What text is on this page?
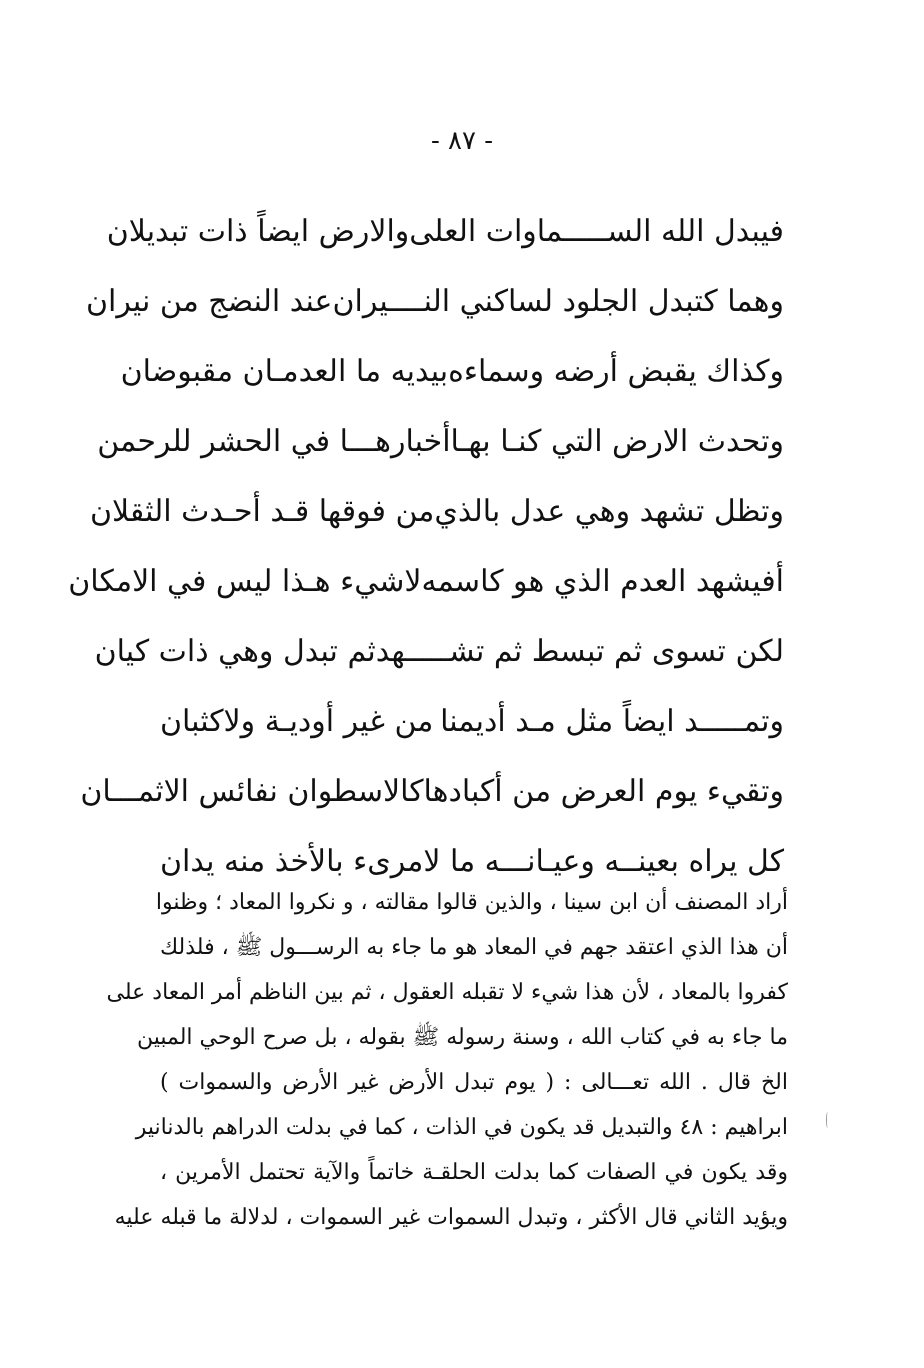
- ٨٧ -
فيبدل الله الســـــماوات العلى
والارض ايضاً ذات تبديلان
وهما كتبدل الجلود لساكني النــــيران
عند النضج من نيران
وكذاك يقبض أرضه وسماءه
بيديه ما العدمـان مقبوضان
وتحدث الارض التي كنـا بهـا
أخبارهـــا في الحشر للرحمن
وتظل تشهد وهي عدل بالذي
من فوقها قـد أحـدث الثقلان
أفيشهد العدم الذي هو كاسمه
لاشيء هـذا ليس في الامكان
لكن تسوى ثم تبسط ثم تشـــــهد
ثم تبدل وهي ذات كيان
وتمـــــد ايضاً مثل مـد أديمنا
من غير أوديـة ولاكثبان
وتقيء يوم العرض من أكبادها
كالاسطوان نفائس الاثمـــان
كل يراه بعينــه وعيـانـــه
ما لامرىء بالأخذ منه يدان
أراد المصنف أن ابن سينا ، والذين قالوا مقالته ، و نكروا المعاد ؛ وظنوا
أن هذا الذي اعتقد جهم في المعاد هو ما جاء به الرســـول ﷺ ، فلذلك
كفروا بالمعاد ، لأن هذا شيء لا تقبله العقول ، ثم بين الناظم أمر المعاد على
ما جاء به في كتاب الله ، وسنة رسوله ﷺ بقوله ، بل صرح الوحي المبين
الخ قال . الله تعـــالى : ( يوم تبدل الأرض غير الأرض والسموات )
ابراهيم : ٤٨ والتبديل قد يكون في الذات ، كما في بدلت الدراهم بالدنانير
وقد يكون في الصفات كما بدلت الحلقـة خاتماً والآية تحتمل الأمرين ،
ويؤيد الثاني قال الأكثر ، وتبدل السموات غير السموات ، لدلالة ما قبله عليه
